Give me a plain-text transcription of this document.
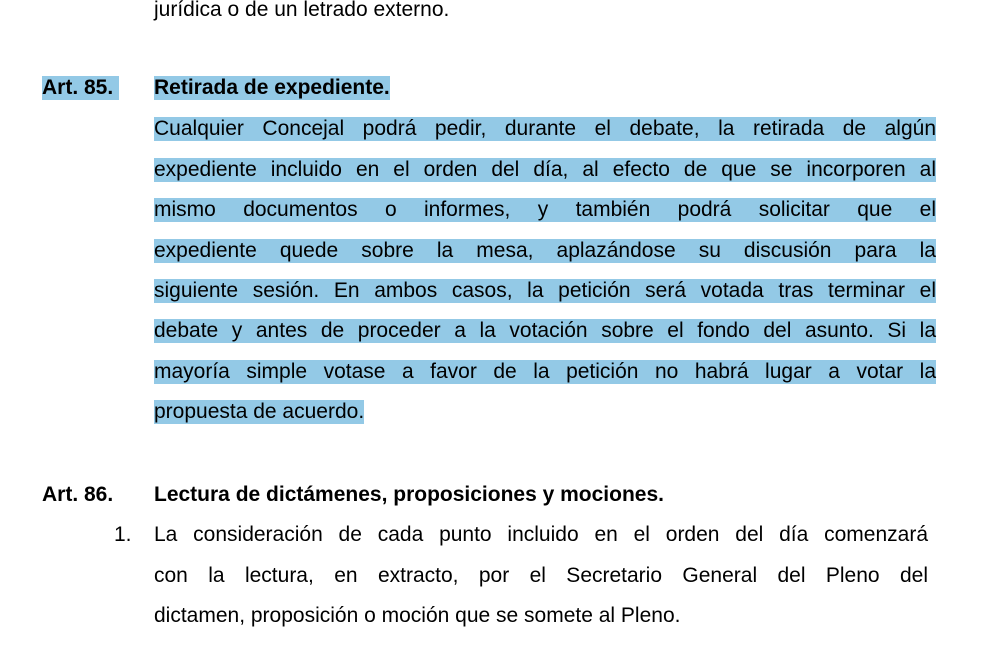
jurídica o de un letrado externo.
Art. 85. Retirada de expediente.
Cualquier Concejal podrá pedir, durante el debate, la retirada de algún
expediente incluido en el orden del día, al efecto de que se incorporen al
mismo documentos o informes, y también podrá solicitar que el
expediente quede sobre la mesa, aplazándose su discusión para la
siguiente sesión. En ambos casos, la petición será votada tras terminar el
debate y antes de proceder a la votación sobre el fondo del asunto. Si la
mayoría simple votase a favor de la petición no habrá lugar a votar la
propuesta de acuerdo.
Art. 86. Lectura de dictámenes, proposiciones y mociones.
1. La consideración de cada punto incluido en el orden del día comenzará
con la lectura, en extracto, por el Secretario General del Pleno del
dictamen, proposición o moción que se somete al Pleno.
